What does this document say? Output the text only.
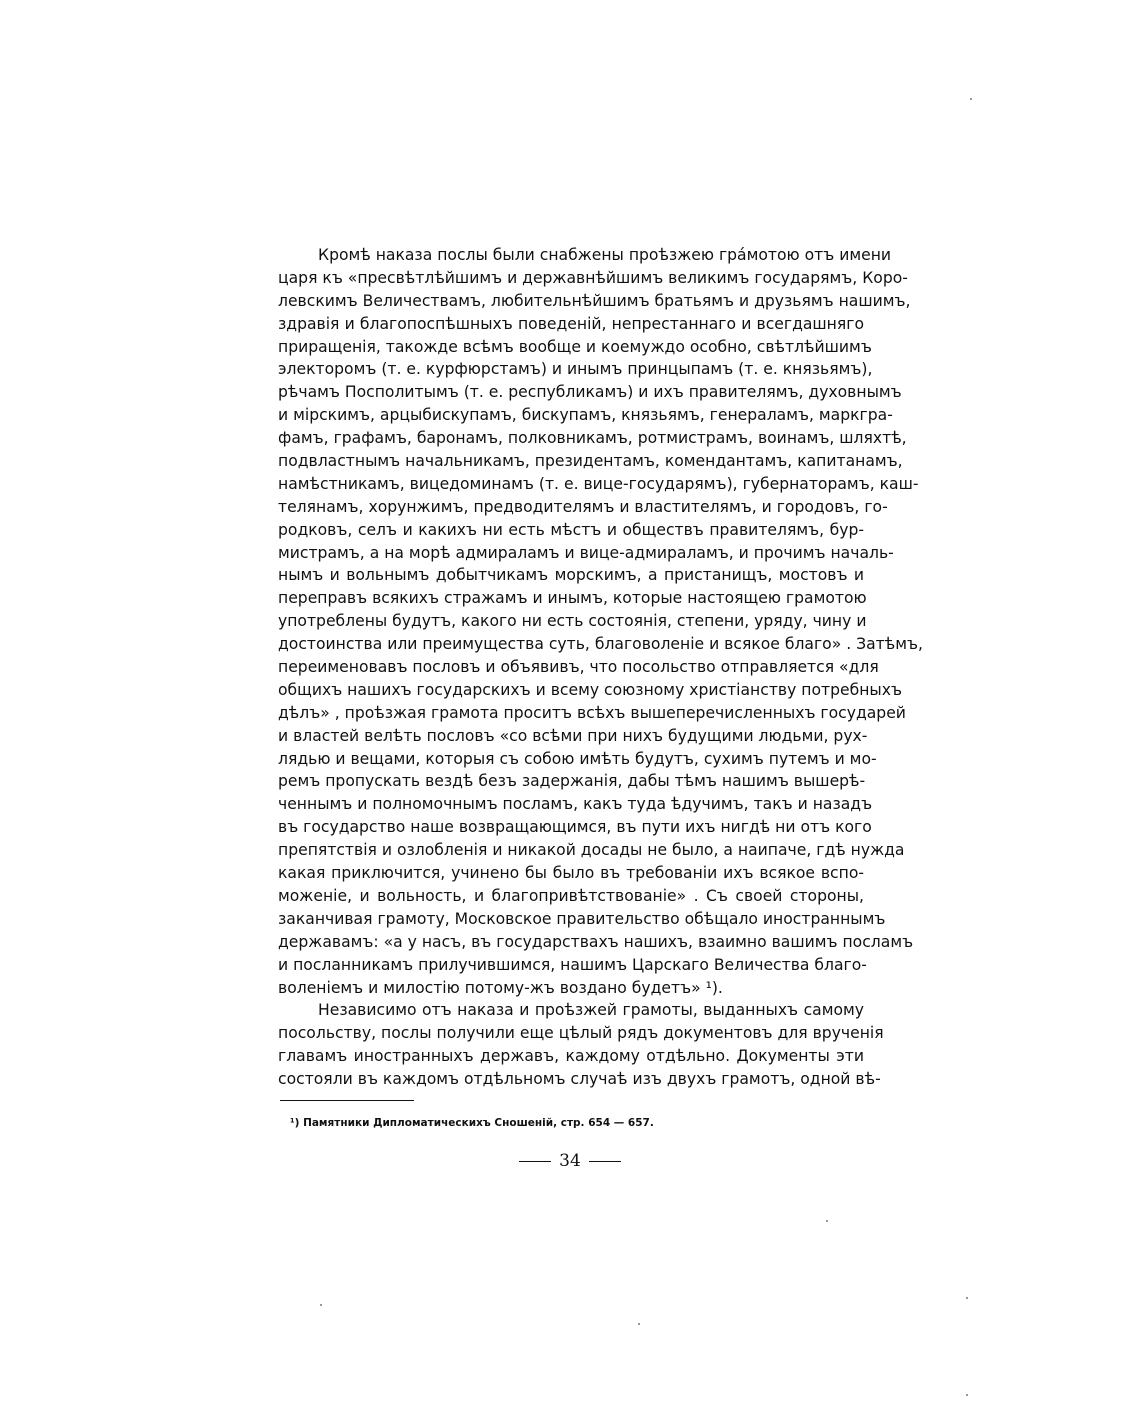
Кромѣ наказа послы были снабжены проѣзжею гра́мотою отъ имени
царя къ «пресвѣтлѣйшимъ и державнѣйшимъ великимъ государямъ, Коро-
левскимъ Величествамъ, любительнѣйшимъ братьямъ и друзьямъ нашимъ,
здравія и благопоспѣшныхъ поведеній, непрестаннаго и всегдашняго
приращенія, такожде всѣмъ вообще и коемуждо особно, свѣтлѣйшимъ
электоромъ (т. е. курфюрстамъ) и инымъ принцыпамъ (т. е. князьямъ),
рѣчамъ Посполитымъ (т. е. республикамъ) и ихъ правителямъ, духовнымъ
и мірскимъ, арцыбискупамъ, бискупамъ, князьямъ, генераламъ, маркгра-
фамъ, графамъ, баронамъ, полковникамъ, ротмистрамъ, воинамъ, шляхтѣ,
подвластнымъ начальникамъ, президентамъ, комендантамъ, капитанамъ,
намѣстникамъ, вицедоминамъ (т. е. вице-государямъ), губернаторамъ, каш-
телянамъ, хорунжимъ, предводителямъ и властителямъ, и городовъ, го-
родковъ, селъ и какихъ ни есть мѣстъ и обществъ правителямъ, бур-
мистрамъ, а на морѣ адмираламъ и вице-адмираламъ, и прочимъ началь-
нымъ и вольнымъ добытчикамъ морскимъ, а пристанищъ, мостовъ и
переправъ всякихъ стражамъ и инымъ, которые настоящею грамотою
употреблены будутъ, какого ни есть состоянія, степени, уряду, чину и
достоинства или преимущества суть, благоволеніе и всякое благо» . Затѣмъ,
переименовавъ пословъ и объявивъ, что посольство отправляется «для
общихъ нашихъ государскихъ и всему союзному христіанству потребныхъ
дѣлъ» , проѣзжая грамота проситъ всѣхъ вышеперечисленныхъ государей
и властей велѣть пословъ «со всѣми при нихъ будущими людьми, рух-
лядью и вещами, которыя съ собою имѣть будутъ, сухимъ путемъ и мо-
ремъ пропускать вездѣ безъ задержанія, дабы тѣмъ нашимъ вышерѣ-
ченнымъ и полномочнымъ посламъ, какъ туда ѣдучимъ, такъ и назадъ
въ государство наше возвращающимся, въ пути ихъ нигдѣ ни отъ кого
препятствія и озлобленія и никакой досады не было, а наипаче, гдѣ нужда
какая приключится, учинено бы было въ требованіи ихъ всякое вспо-
моженіе, и вольность, и благопривѣтствованіе» . Съ своей стороны,
заканчивая грамоту, Московское правительство обѣщало иностраннымъ
державамъ: «а у насъ, въ государствахъ нашихъ, взаимно вашимъ посламъ
и посланникамъ прилучившимся, нашимъ Царскаго Величества благо-
воленіемъ и милостію потому-жъ воздано будетъ» ¹).
Независимо отъ наказа и проѣзжей грамоты, выданныхъ самому
посольству, послы получили еще цѣлый рядъ документовъ для врученія
главамъ иностранныхъ державъ, каждому отдѣльно. Документы эти
состояли въ каждомъ отдѣльномъ случаѣ изъ двухъ грамотъ, одной вѣ-
¹) Памятники Дипломатическихъ Сношеній, стр. 654 — 657.
34
